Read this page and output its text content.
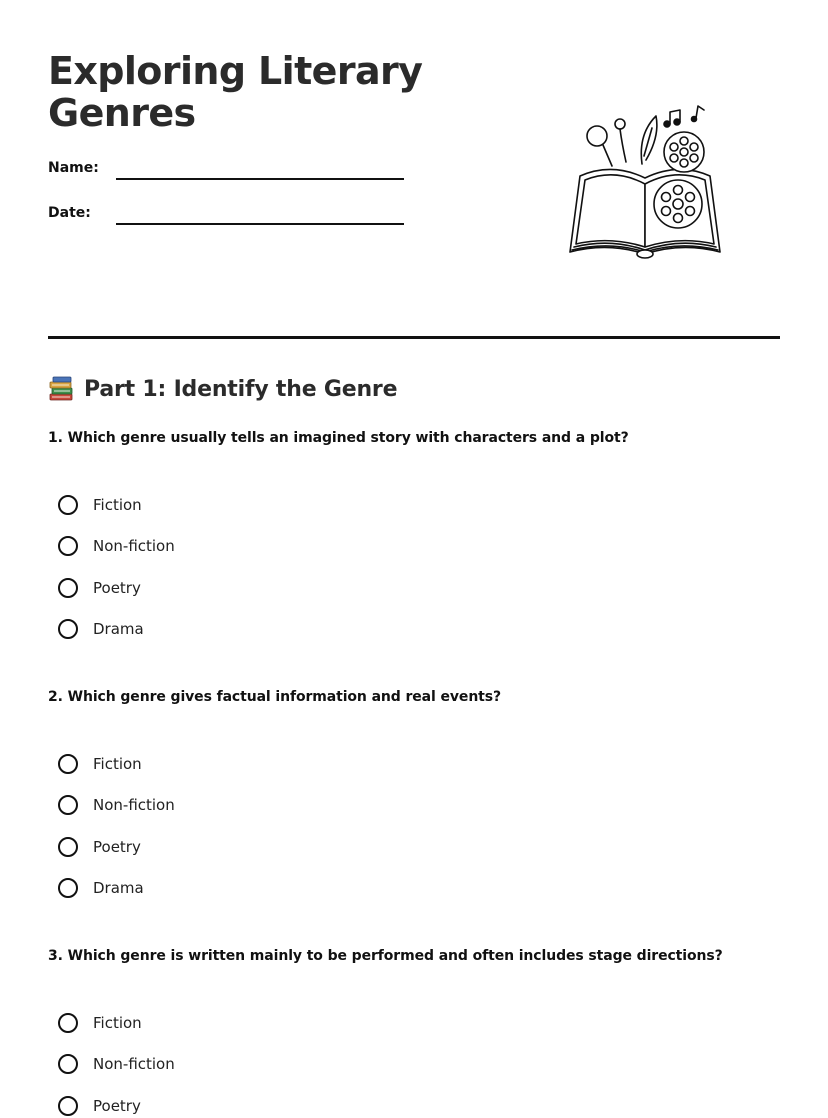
Exploring Literary Genres
Name:
Date:
Part 1: Identify the Genre

1. Which genre usually tells an imagined story with characters and a plot?

Fiction
Non-fiction
Poetry
Drama

2. Which genre gives factual information and real events?

Fiction
Non-fiction
Poetry
Drama

3. Which genre is written mainly to be performed and often includes stage directions?

Fiction
Non-fiction
Poetry
